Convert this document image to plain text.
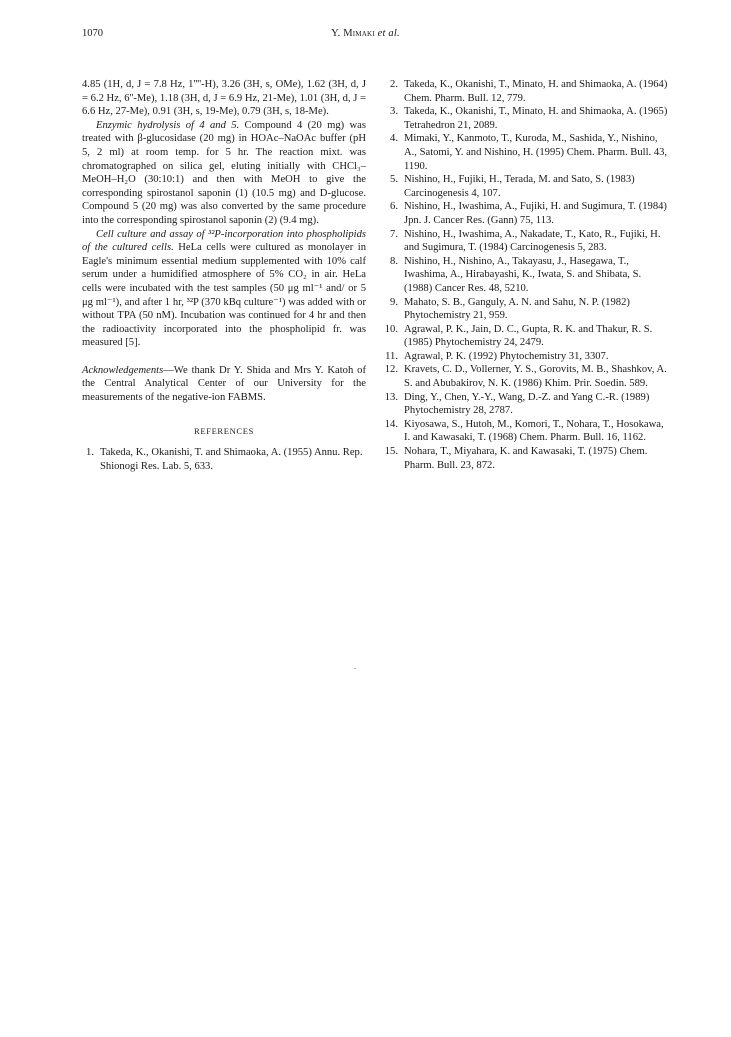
1070	Y. Mimaki et al.

4.85 (1H, d, J = 7.8 Hz, 1''''-H), 3.26 (3H, s, OMe), 1.62 (3H, d, J = 6.2 Hz, 6''-Me), 1.18 (3H, d, J = 6.9 Hz, 21-Me), 1.01 (3H, d, J = 6.6 Hz, 27-Me), 0.91 (3H, s, 19-Me), 0.79 (3H, s, 18-Me).

Enzymic hydrolysis of 4 and 5. Compound 4 (20 mg) was treated with β-glucosidase (20 mg) in HOAc–NaOAc buffer (pH 5, 2 ml) at room temp. for 5 hr. The reaction mixt. was chromatographed on silica gel, eluting initially with CHCl₃–MeOH–H₂O (30:10:1) and then with MeOH to give the corresponding spirostanol saponin (1) (10.5 mg) and D-glucose. Compound 5 (20 mg) was also converted by the same procedure into the corresponding spirostanol saponin (2) (9.4 mg).

Cell culture and assay of ³²P-incorporation into phospholipids of the cultured cells. HeLa cells were cultured as monolayer in Eagle's minimum essential medium supplemented with 10% calf serum under a humidified atmosphere of 5% CO₂ in air. HeLa cells were incubated with the test samples (50 μg ml⁻¹ and/ or 5 μg ml⁻¹), and after 1 hr, ³²P (370 kBq culture⁻¹) was added with or without TPA (50 nM). Incubation was continued for 4 hr and then the radioactivity incorporated into the phospholipid fr. was measured [5].

Acknowledgements—We thank Dr Y. Shida and Mrs Y. Katoh of the Central Analytical Center of our University for the measurements of the negative-ion FABMS.

REFERENCES
1. Takeda, K., Okanishi, T. and Shimaoka, A. (1955) Annu. Rep. Shionogi Res. Lab. 5, 633.
2. Takeda, K., Okanishi, T., Minato, H. and Shimaoka, A. (1964) Chem. Pharm. Bull. 12, 779.
3. Takeda, K., Okanishi, T., Minato, H. and Shimaoka, A. (1965) Tetrahedron 21, 2089.
4. Mimaki, Y., Kanmoto, T., Kuroda, M., Sashida, Y., Nishino, A., Satomi, Y. and Nishino, H. (1995) Chem. Pharm. Bull. 43, 1190.
5. Nishino, H., Fujiki, H., Terada, M. and Sato, S. (1983) Carcinogenesis 4, 107.
6. Nishino, H., Iwashima, A., Fujiki, H. and Sugimura, T. (1984) Jpn. J. Cancer Res. (Gann) 75, 113.
7. Nishino, H., Iwashima, A., Nakadate, T., Kato, R., Fujiki, H. and Sugimura, T. (1984) Carcinogenesis 5, 283.
8. Nishino, H., Nishino, A., Takayasu, J., Hasegawa, T., Iwashima, A., Hirabayashi, K., Iwata, S. and Shibata, S. (1988) Cancer Res. 48, 5210.
9. Mahato, S. B., Ganguly, A. N. and Sahu, N. P. (1982) Phytochemistry 21, 959.
10. Agrawal, P. K., Jain, D. C., Gupta, R. K. and Thakur, R. S. (1985) Phytochemistry 24, 2479.
11. Agrawal, P. K. (1992) Phytochemistry 31, 3307.
12. Kravets, C. D., Vollerner, Y. S., Gorovits, M. B., Shashkov, A. S. and Abubakirov, N. K. (1986) Khim. Prir. Soedin. 589.
13. Ding, Y., Chen, Y.-Y., Wang, D.-Z. and Yang C.-R. (1989) Phytochemistry 28, 2787.
14. Kiyosawa, S., Hutoh, M., Komori, T., Nohara, T., Hosokawa, I. and Kawasaki, T. (1968) Chem. Pharm. Bull. 16, 1162.
15. Nohara, T., Miyahara, K. and Kawasaki, T. (1975) Chem. Pharm. Bull. 23, 872.
